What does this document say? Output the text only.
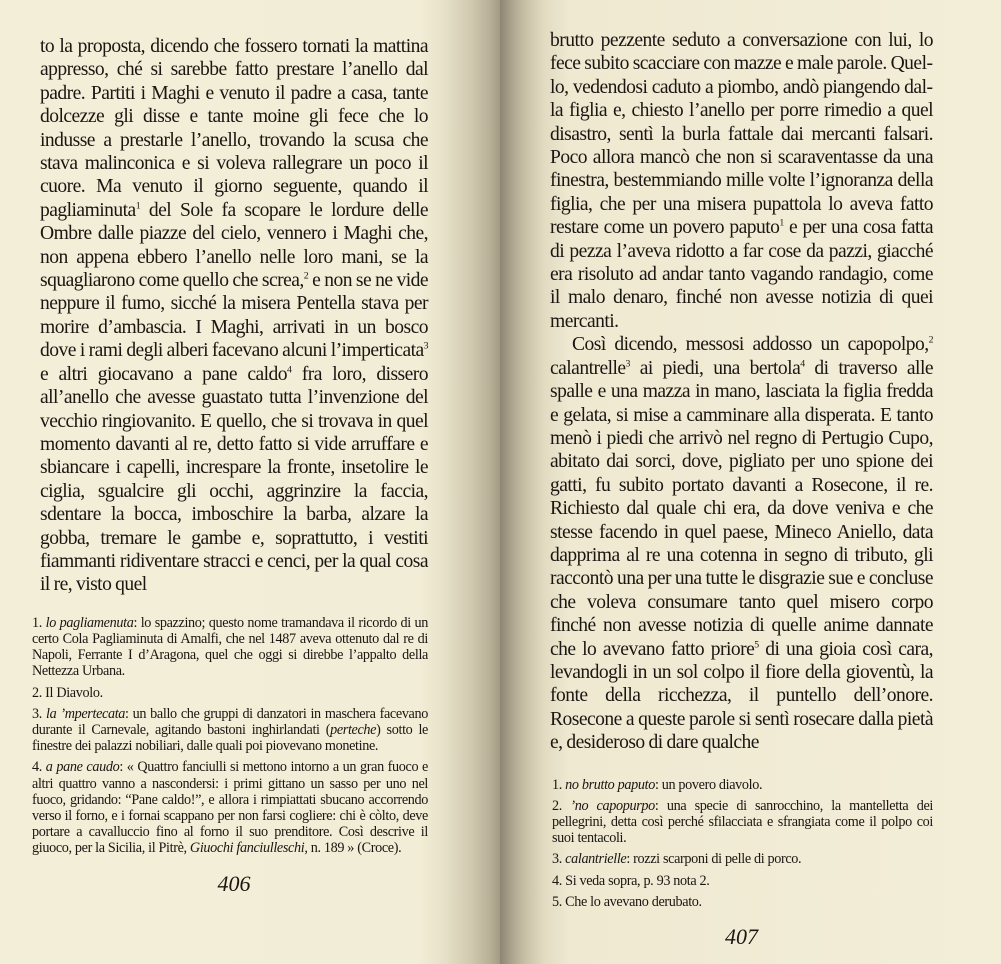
to la proposta, dicendo che fossero tornati la mattina appresso, ché si sarebbe fatto prestare l’anello dal padre. Partiti i Maghi e venuto il padre a casa, tante dolcezze gli disse e tante moine gli fece che lo indusse a prestarle l’anello, trovando la scusa che stava malinconica e si voleva rallegrare un poco il cuore. Ma venuto il giorno seguente, quando il pagliaminuta$^1$ del Sole fa scopare le lordure delle Ombre dalle piazze del cielo, vennero i Maghi che, non appena ebbero l’anello nelle loro mani, se la squagliarono come quello che screa,$^2$ e non se ne vide neppure il fumo, sicché la misera Pentella stava per morire d’ambascia. I Maghi, arrivati in un bosco dove i rami degli alberi facevano alcuni l’imperticata$^3$ e altri giocavano a pane caldo$^4$ fra loro, dissero all’anello che avesse guastato tutta l’invenzione del vecchio ringiovanito. E quello, che si trovava in quel momento davanti al re, detto fatto si vide arruffare e sbiancare i capelli, increspare la fronte, insetolire le ciglia, sgualcire gli occhi, aggrinzire la faccia, sdentare la bocca, imboschire la barba, alzare la gobba, tremare le gambe e, soprattutto, i vestiti fiammanti ridiventare stracci e cenci, per la qual cosa il re, visto quel

1. lo pagliamenuta: lo spazzino; questo nome tramandava il ricordo di un certo Cola Pagliaminuta di Amalfi, che nel 1487 aveva ottenuto dal re di Napoli, Ferrante I d’Aragona, quel che oggi si direbbe l’appalto della Nettezza Urbana.

2. Il Diavolo.

3. la ’mpertecata: un ballo che gruppi di danzatori in maschera facevano durante il Carnevale, agitando bastoni inghirlandati (perteche) sotto le finestre dei palazzi nobiliari, dalle quali poi piovevano monetine.

4. a pane caudo: « Quattro fanciulli si mettono intorno a un gran fuoco e altri quattro vanno a nascondersi: i primi gittano un sasso per uno nel fuoco, gridando: “Pane caldo!”, e allora i rimpiattati sbucano accorrendo verso il forno, e i fornai scappano per non farsi cogliere: chi è còlto, deve portare a cavalluccio fino al forno il suo prenditore. Così descrive il giuoco, per la Sicilia, il Pitrè, Giuochi fanciulleschi, n. 189 » (Croce).

406

brutto pezzente seduto a conversazione con lui, lo fece subito scacciare con mazze e male parole. Quello, vedendosi caduto a piombo, andò piangendo dalla figlia e, chiesto l’anello per porre rimedio a quel disastro, sentì la burla fattale dai mercanti falsari. Poco allora mancò che non si scaraventasse da una finestra, bestemmiando mille volte l’ignoranza della figlia, che per una misera pupattola lo aveva fatto restare come un povero paputo$^1$ e per una cosa fatta di pezza l’aveva ridotto a far cose da pazzi, giacché era risoluto ad andar tanto vagando randagio, come il malo denaro, finché non avesse notizia di quei mercanti.

Così dicendo, messosi addosso un capopolpo,$^2$ calantrelle$^3$ ai piedi, una bertola$^4$ di traverso alle spalle e una mazza in mano, lasciata la figlia fredda e gelata, si mise a camminare alla disperata. E tanto menò i piedi che arrivò nel regno di Pertugio Cupo, abitato dai sorci, dove, pigliato per uno spione dei gatti, fu subito portato davanti a Rosecone, il re. Richiesto dal quale chi era, da dove veniva e che stesse facendo in quel paese, Mineco Aniello, data dapprima al re una cotenna in segno di tributo, gli raccontò una per una tutte le disgrazie sue e concluse che voleva consumare tanto quel misero corpo finché non avesse notizia di quelle anime dannate che lo avevano fatto priore$^5$ di una gioia così cara, levandogli in un sol colpo il fiore della gioventù, la fonte della ricchezza, il puntello dell’onore. Rosecone a queste parole si sentì rosecare dalla pietà e, desideroso di dare qualche

1. no brutto paputo: un povero diavolo.

2. ’no capopurpo: una specie di sanrocchino, la mantelletta dei pellegrini, detta così perché sfilacciata e sfrangiata come il polpo coi suoi tentacoli.

3. calantrielle: rozzi scarponi di pelle di porco.

4. Si veda sopra, p. 93 nota 2.

5. Che lo avevano derubato.

407
